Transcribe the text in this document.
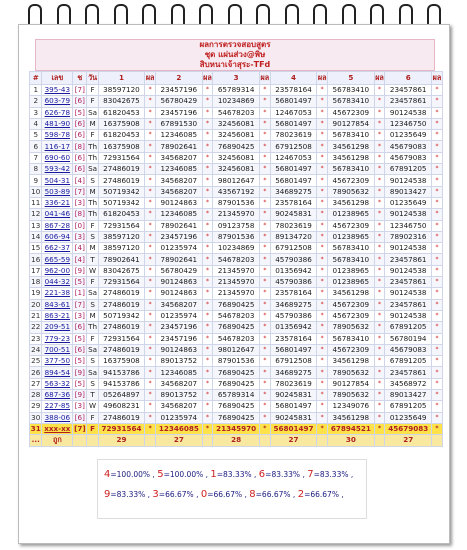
ผลการตรวจสอบสูตร
ชุด แผ่นส่วง@พิษ
สิบหนาเจ้าสุระ-TFd
#	เลข	ช	วัน	1	ผล	2	ผล	3	ผล	4	ผล	5	ผล	6	ผล
1	395-43	[7]	F	38597120	*	23457196	*	65789314	*	23578164	*	56783410	*	23457861	*
2	603-79	[6]	F	83042675	*	56780429	*	10234869	*	56801497	*	56783410	*	23457861	*
3	626-78	[5]	Sa	61820453	*	23457196	*	54678203	*	12467053	*	45672309	*	90124538	*
4	481-90	[6]	M	16375908	*	67891530	*	32456081	*	56801497	*	90127854	*	12346750	*
5	598-78	[6]	F	61820453	*	12346085	*	32456081	*	78023619	*	56783410	*	01235649	*
6	116-17	[8]	Th	16375908	*	78902641	*	76890425	*	67912508	*	34561298	*	45679083	*
7	690-60	[6]	Th	72931564	*	34568207	*	32456081	*	12467053	*	34561298	*	45679083	*
8	593-42	[6]	Sa	27486019	*	12346085	*	32456081	*	56801497	*	56783410	*	67891205	*
9	504-31	[4]	S	27486019	*	34568207	*	98012647	*	56801497	*	45672309	*	90124538	*
10	503-89	[7]	M	50719342	*	34568207	*	43567192	*	34689275	*	78905632	*	89013427	*
11	336-21	[3]	Th	50719342	*	90124863	*	87901536	*	23578164	*	34561298	*	01235649	*
12	041-46	[8]	Th	61820453	*	12346085	*	21345970	*	90245831	*	01238965	*	90124538	*
13	867-28	[0]	F	72931564	*	78902641	*	09123758	*	78023619	*	45672309	*	12346750	*
14	606-94	[3]	S	38597120	*	23457196	*	87901536	*	89134720	*	01238965	*	78902316	*
15	662-37	[4]	M	38597120	*	01235974	*	10234869	*	67912508	*	56783410	*	90124538	*
16	665-59	[4]	T	78902641	*	78902641	*	54678203	*	45790386	*	56783410	*	23457861	*
17	962-00	[9]	W	83042675	*	56780429	*	21345970	*	01356942	*	01238965	*	90124538	*
18	044-32	[5]	F	72931564	*	90124863	*	21345970	*	45790386	*	01238965	*	23457861	*
19	221-38	[1]	Sa	27486019	*	90124863	*	21345970	*	23578164	*	34561298	*	90124538	*
20	843-61	[7]	S	27486019	*	34568207	*	76890425	*	34689275	*	45672309	*	23457861	*
21	863-21	[3]	M	50719342	*	01235974	*	54678203	*	45790386	*	45672309	*	90124538	*
22	209-51	[6]	Th	27486019	*	23457196	*	76890425	*	01356942	*	78905632	*	67891205	*
23	779-23	[5]	F	72931564	*	23457196	*	54678203	*	23578164	*	56783410	*	56780194	*
24	700-51	[6]	Sa	27486019	*	90124863	*	98012647	*	56801497	*	45672309	*	45679083	*
25	377-50	[5]	S	16375908	*	89013752	*	87901536	*	67912508	*	34561298	*	67891205	*
26	894-54	[9]	Sa	94153786	*	12346085	*	76890425	*	34689275	*	78905632	*	23457861	*
27	563-32	[5]	S	94153786	*	34568207	*	76890425	*	78023619	*	90127854	*	34568972	*
28	687-36	[9]	T	05264897	*	89013752	*	65789314	*	90245831	*	78905632	*	89013427	*
29	227-85	[3]	W	49608231	*	34568207	*	76890425	*	56801497	*	12349076	*	67891205	*
30	388-06	[6]	F	27486019	*	01235974	*	76890425	*	90245831	*	34561298	*	01235649	*
31	xxx-xx	[7]	F	72931564	*	12346085	*	21345970	*	56801497	*	67894521	*	45679083	*
...	ถูก			29		27		28		27		30		27	
4=100.00% , 5=100.00% , 1=83.33% , 6=83.33% , 7=83.33% ,
9=83.33% , 3=66.67% , 0=66.67% , 8=66.67% , 2=66.67% ,
